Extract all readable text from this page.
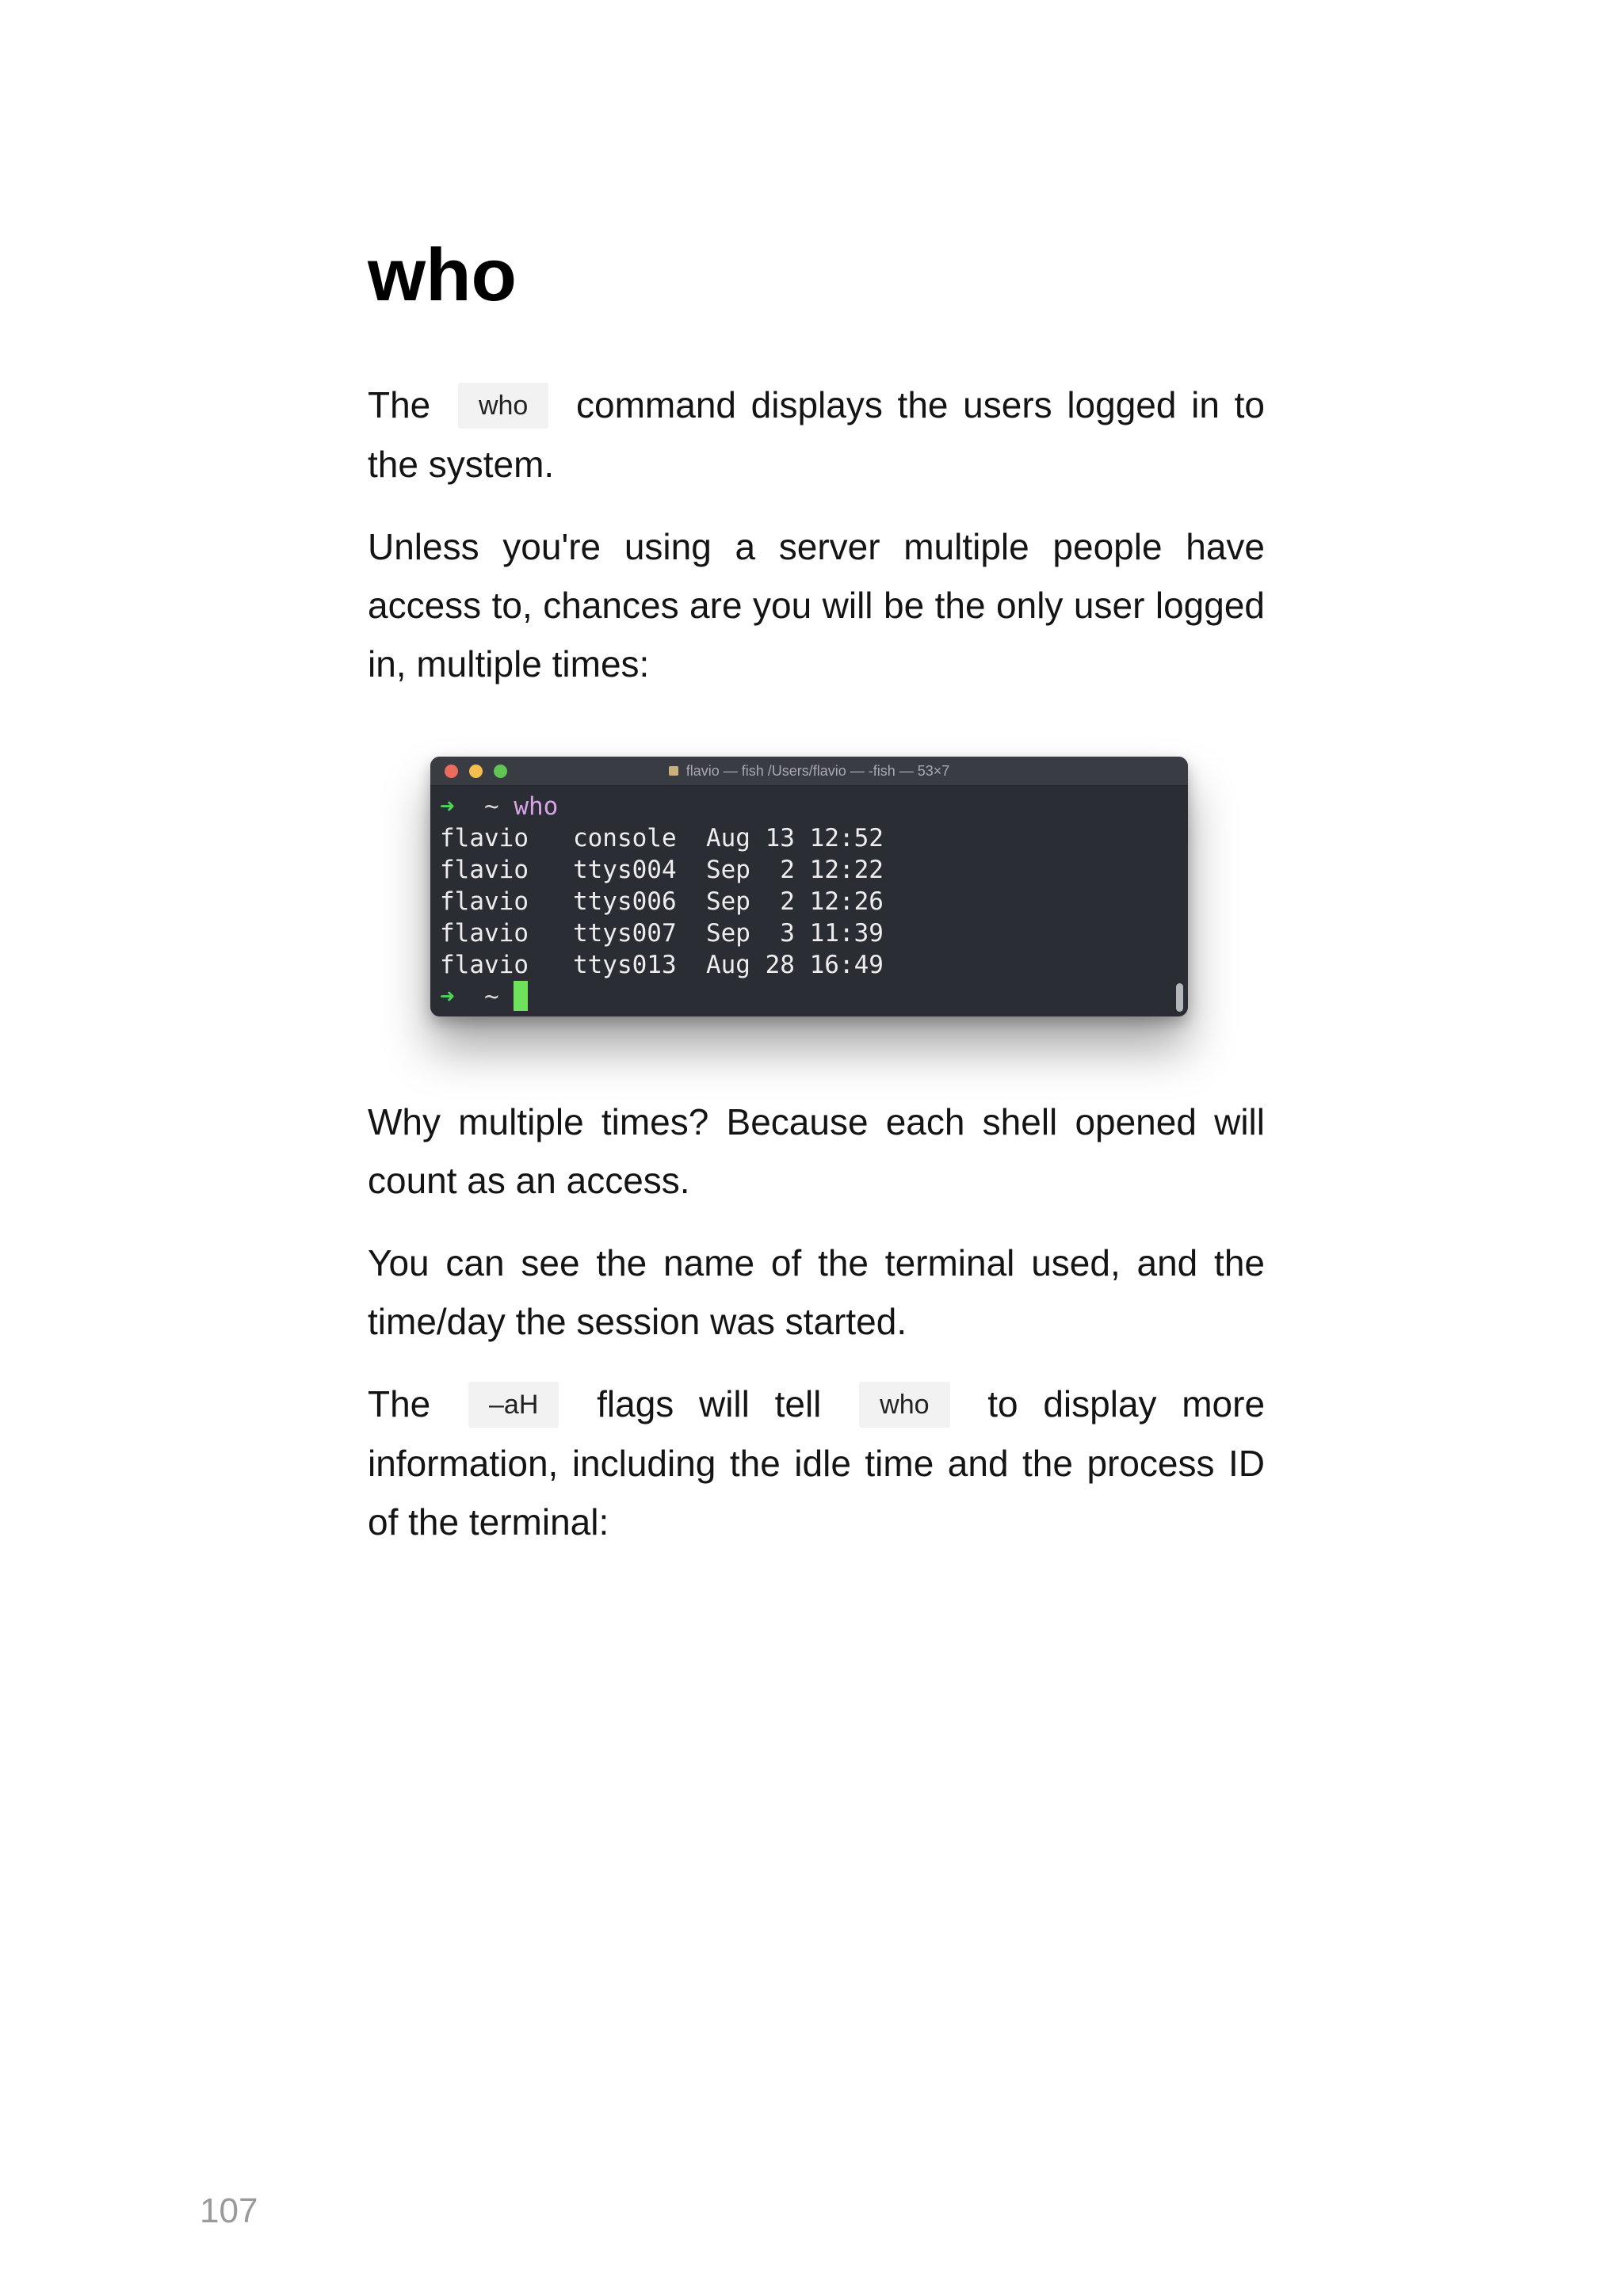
who

The who command displays the users logged in to the system.

Unless you're using a server multiple people have access to, chances are you will be the only user logged in, multiple times:

flavio — fish /Users/flavio — -fish — 53×7
➜ ~ who
flavio   console  Aug 13 12:52
flavio   ttys004  Sep  2 12:22
flavio   ttys006  Sep  2 12:26
flavio   ttys007  Sep  3 11:39
flavio   ttys013  Aug 28 16:49
➜ ~

Why multiple times? Because each shell opened will count as an access.

You can see the name of the terminal used, and the time/day the session was started.

The –aH flags will tell who to display more information, including the idle time and the process ID of the terminal:

107
